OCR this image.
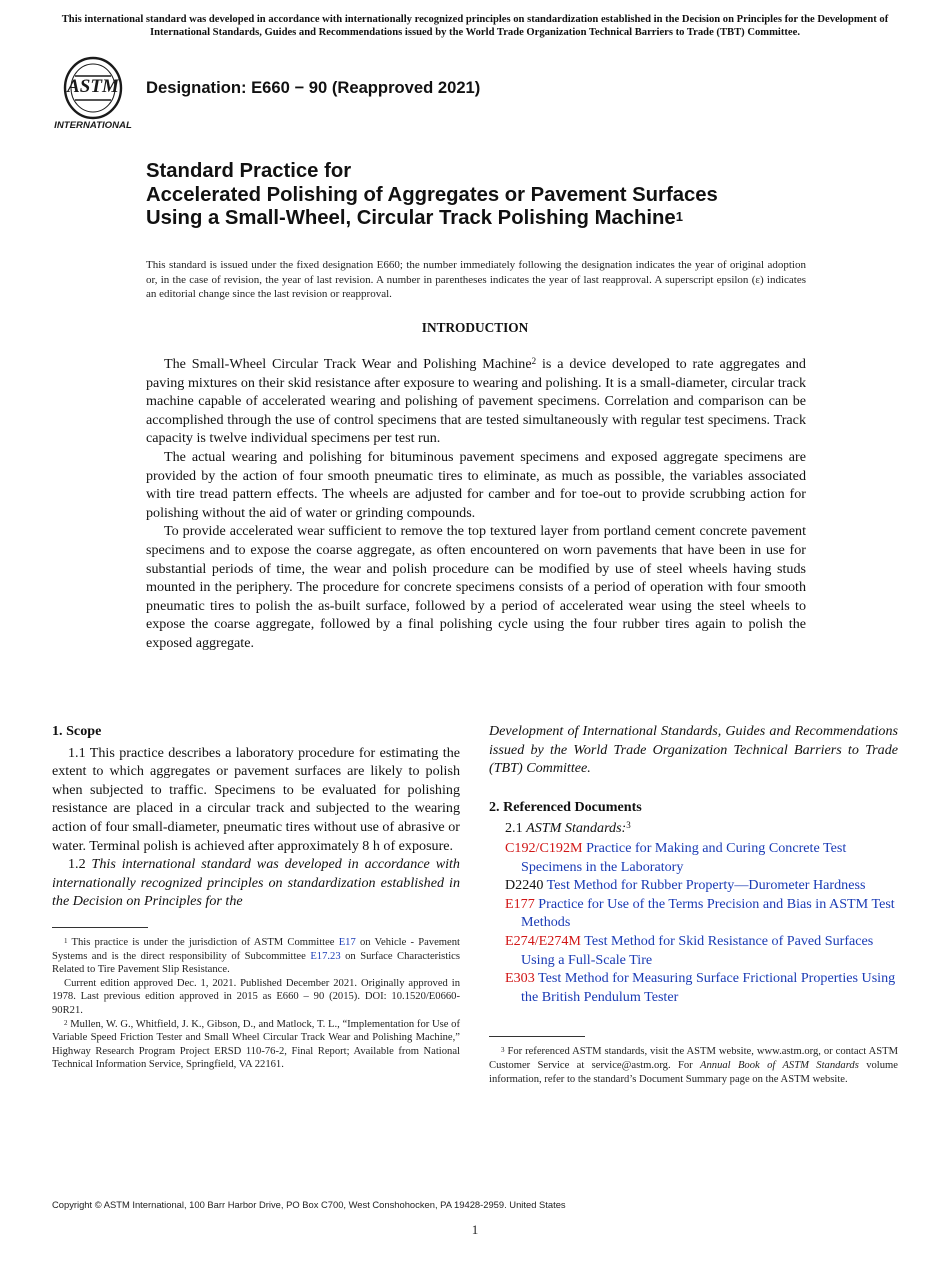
This international standard was developed in accordance with internationally recognized principles on standardization established in the Decision on Principles for the Development of International Standards, Guides and Recommendations issued by the World Trade Organization Technical Barriers to Trade (TBT) Committee.
ASTM
INTERNATIONAL
Designation: E660 − 90 (Reapproved 2021)
Standard Practice for
Accelerated Polishing of Aggregates or Pavement Surfaces
Using a Small-Wheel, Circular Track Polishing Machine$^1$
This standard is issued under the fixed designation E660; the number immediately following the designation indicates the year of original adoption or, in the case of revision, the year of last revision. A number in parentheses indicates the year of last reapproval. A superscript epsilon (ε) indicates an editorial change since the last revision or reapproval.
INTRODUCTION

The Small-Wheel Circular Track Wear and Polishing Machine$^2$ is a device developed to rate aggregates and paving mixtures on their skid resistance after exposure to wearing and polishing. It is a small-diameter, circular track machine capable of accelerated wearing and polishing of pavement specimens. Correlation and comparison can be accomplished through the use of control specimens that are tested simultaneously with regular test specimens. Track capacity is twelve individual specimens per test run.

The actual wearing and polishing for bituminous pavement specimens and exposed aggregate specimens are provided by the action of four smooth pneumatic tires to eliminate, as much as possible, the variables associated with tire tread pattern effects. The wheels are adjusted for camber and for toe-out to provide scrubbing action for polishing without the aid of water or grinding compounds.

To provide accelerated wear sufficient to remove the top textured layer from portland cement concrete pavement specimens and to expose the coarse aggregate, as often encountered on worn pavements that have been in use for substantial periods of time, the wear and polish procedure can be modified by use of steel wheels having studs mounted in the periphery. The procedure for concrete specimens consists of a period of operation with four smooth pneumatic tires to polish the as-built surface, followed by a period of accelerated wear using the steel wheels to expose the coarse aggregate, followed by a final polishing cycle using the four rubber tires again to polish the exposed aggregate.

1. Scope

1.1 This practice describes a laboratory procedure for estimating the extent to which aggregates or pavement surfaces are likely to polish when subjected to traffic. Specimens to be evaluated for polishing resistance are placed in a circular track and subjected to the wearing action of four small-diameter, pneumatic tires without use of abrasive or water. Terminal polish is achieved after approximately 8 h of exposure.

1.2 This international standard was developed in accordance with internationally recognized principles on standardization established in the Decision on Principles for the

$^1$ This practice is under the jurisdiction of ASTM Committee E17 on Vehicle - Pavement Systems and is the direct responsibility of Subcommittee E17.23 on Surface Characteristics Related to Tire Pavement Slip Resistance.

Current edition approved Dec. 1, 2021. Published December 2021. Originally approved in 1978. Last previous edition approved in 2015 as E660 – 90 (2015). DOI: 10.1520/E0660-90R21.

$^2$ Mullen, W. G., Whitfield, J. K., Gibson, D., and Matlock, T. L., “Implementation for Use of Variable Speed Friction Tester and Small Wheel Circular Track Wear and Polishing Machine,” Highway Research Program Project ERSD 110-76-2, Final Report; Available from National Technical Information Service, Springfield, VA 22161.

Development of International Standards, Guides and Recommendations issued by the World Trade Organization Technical Barriers to Trade (TBT) Committee.

2. Referenced Documents
2.1 ASTM Standards:$^3$
C192/C192M Practice for Making and Curing Concrete Test Specimens in the Laboratory
D2240 Test Method for Rubber Property—Durometer Hardness
E177 Practice for Use of the Terms Precision and Bias in ASTM Test Methods
E274/E274M Test Method for Skid Resistance of Paved Surfaces Using a Full-Scale Tire
E303 Test Method for Measuring Surface Frictional Properties Using the British Pendulum Tester

$^3$ For referenced ASTM standards, visit the ASTM website, www.astm.org, or contact ASTM Customer Service at service@astm.org. For Annual Book of ASTM Standards volume information, refer to the standard’s Document Summary page on the ASTM website.

Copyright © ASTM International, 100 Barr Harbor Drive, PO Box C700, West Conshohocken, PA 19428-2959. United States
1
